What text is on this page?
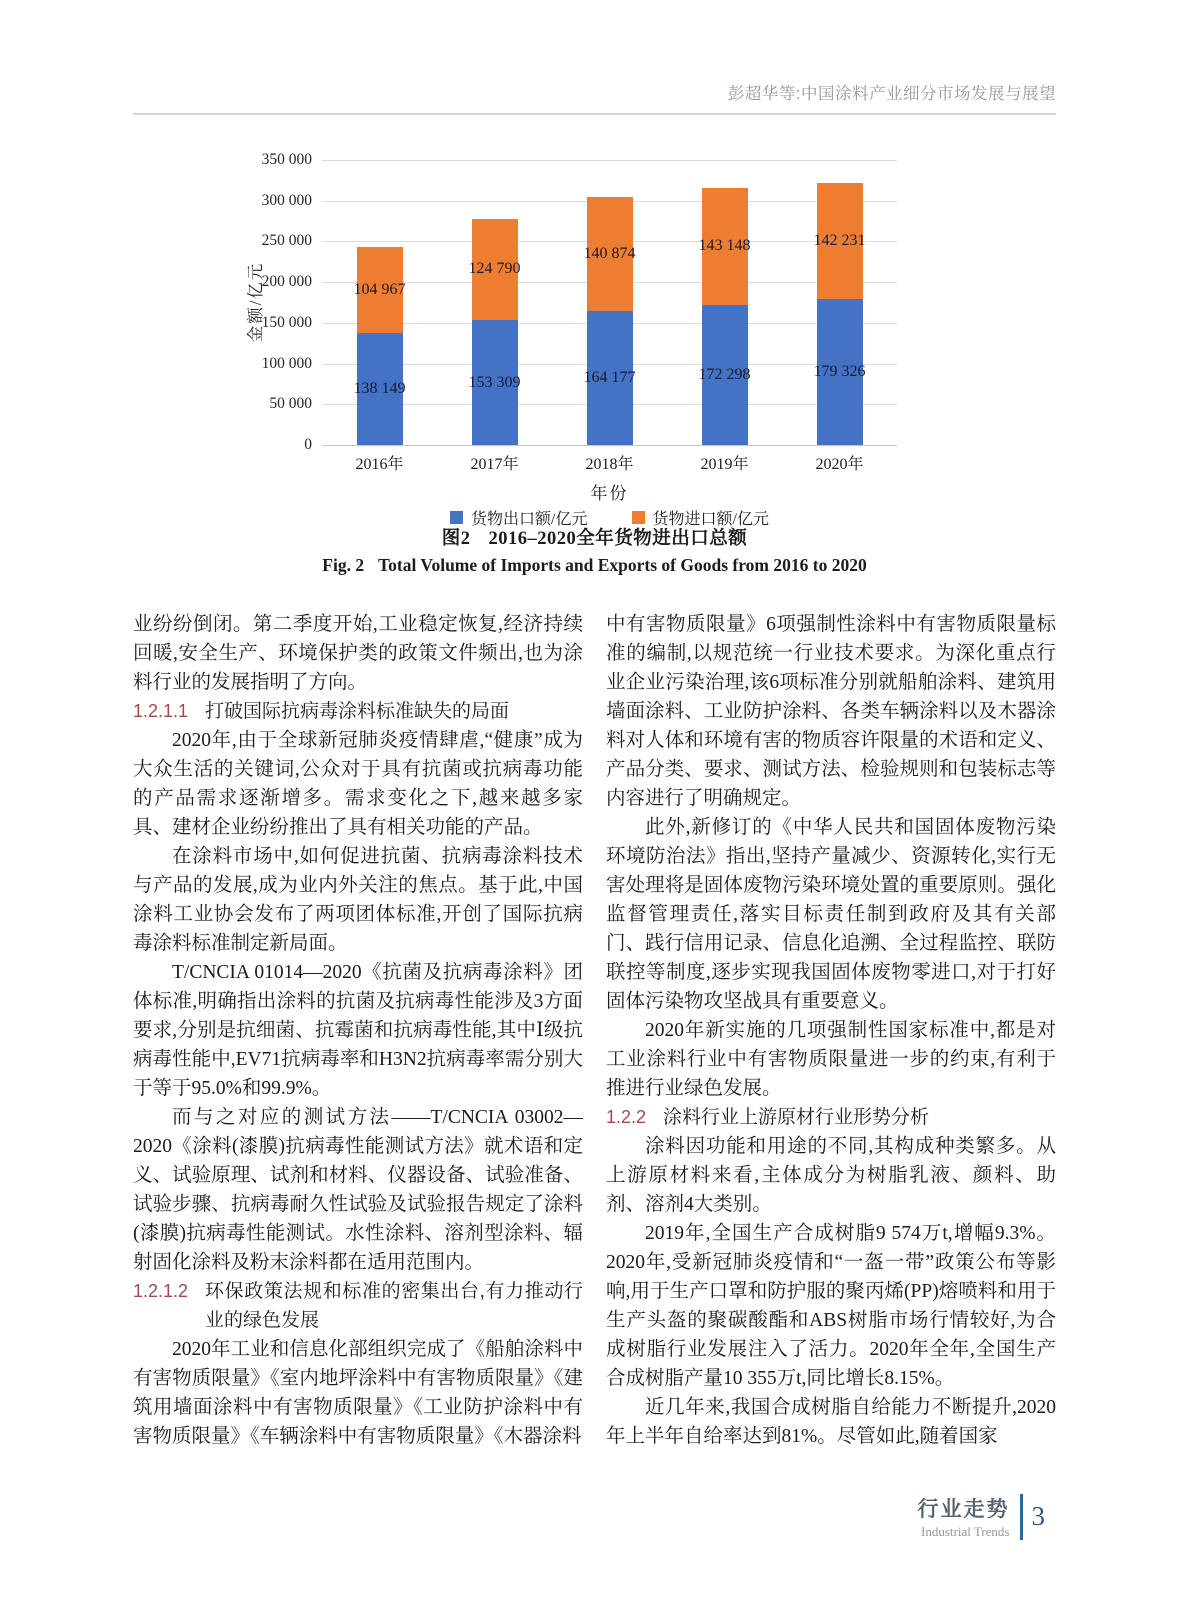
彭超华等:中国涂料产业细分市场发展与展望
金额/亿元
138 149
104 967
153 309
124 790
164 177
140 874
172 298
143 148
179 326
142 231
0
50 000
100 000
150 000
200 000
250 000
300 000
350 000
2016年	2017年	2018年	2019年	2020年
年份
货物出口额/亿元	货物进口额/亿元
图2 2016–2020全年货物进出口总额
Fig. 2 Total Volume of Imports and Exports of Goods from 2016 to 2020

业纷纷倒闭。第二季度开始,工业稳定恢复,经济持续回暖,安全生产、环境保护类的政策文件频出,也为涂料行业的发展指明了方向。

1.2.1.1 打破国际抗病毒涂料标准缺失的局面

2020年,由于全球新冠肺炎疫情肆虐,“健康”成为大众生活的关键词,公众对于具有抗菌或抗病毒功能的产品需求逐渐增多。需求变化之下,越来越多家具、建材企业纷纷推出了具有相关功能的产品。

在涂料市场中,如何促进抗菌、抗病毒涂料技术与产品的发展,成为业内外关注的焦点。基于此,中国涂料工业协会发布了两项团体标准,开创了国际抗病毒涂料标准制定新局面。

T/CNCIA 01014—2020《抗菌及抗病毒涂料》团体标准,明确指出涂料的抗菌及抗病毒性能涉及3方面要求,分别是抗细菌、抗霉菌和抗病毒性能,其中Ⅰ级抗病毒性能中,EV71抗病毒率和H3N2抗病毒率需分别大于等于95.0%和99.9%。

而与之对应的测试方法——T/CNCIA 03002—2020《涂料(漆膜)抗病毒性能测试方法》就术语和定义、试验原理、试剂和材料、仪器设备、试验准备、试验步骤、抗病毒耐久性试验及试验报告规定了涂料(漆膜)抗病毒性能测试。水性涂料、溶剂型涂料、辐射固化涂料及粉末涂料都在适用范围内。

1.2.1.2 环保政策法规和标准的密集出台,有力推动行业的绿色发展

2020年工业和信息化部组织完成了《船舶涂料中有害物质限量》《室内地坪涂料中有害物质限量》《建筑用墙面涂料中有害物质限量》《工业防护涂料中有害物质限量》《车辆涂料中有害物质限量》《木器涂料

中有害物质限量》6项强制性涂料中有害物质限量标准的编制,以规范统一行业技术要求。为深化重点行业企业污染治理,该6项标准分别就船舶涂料、建筑用墙面涂料、工业防护涂料、各类车辆涂料以及木器涂料对人体和环境有害的物质容许限量的术语和定义、产品分类、要求、测试方法、检验规则和包装标志等内容进行了明确规定。

此外,新修订的《中华人民共和国固体废物污染环境防治法》指出,坚持产量减少、资源转化,实行无害处理将是固体废物污染环境处置的重要原则。强化监督管理责任,落实目标责任制到政府及其有关部门、践行信用记录、信息化追溯、全过程监控、联防联控等制度,逐步实现我国固体废物零进口,对于打好固体污染物攻坚战具有重要意义。

2020年新实施的几项强制性国家标准中,都是对工业涂料行业中有害物质限量进一步的约束,有利于推进行业绿色发展。

1.2.2 涂料行业上游原材行业形势分析

涂料因功能和用途的不同,其构成种类繁多。从上游原材料来看,主体成分为树脂乳液、颜料、助剂、溶剂4大类别。

2019年,全国生产合成树脂9 574万t,增幅9.3%。2020年,受新冠肺炎疫情和“一盔一带”政策公布等影响,用于生产口罩和防护服的聚丙烯(PP)熔喷料和用于生产头盔的聚碳酸酯和ABS树脂市场行情较好,为合成树脂行业发展注入了活力。2020年全年,全国生产合成树脂产量10 355万t,同比增长8.15%。

近几年来,我国合成树脂自给能力不断提升,2020年上半年自给率达到81%。尽管如此,随着国家

行业走势
Industrial Trends
3
